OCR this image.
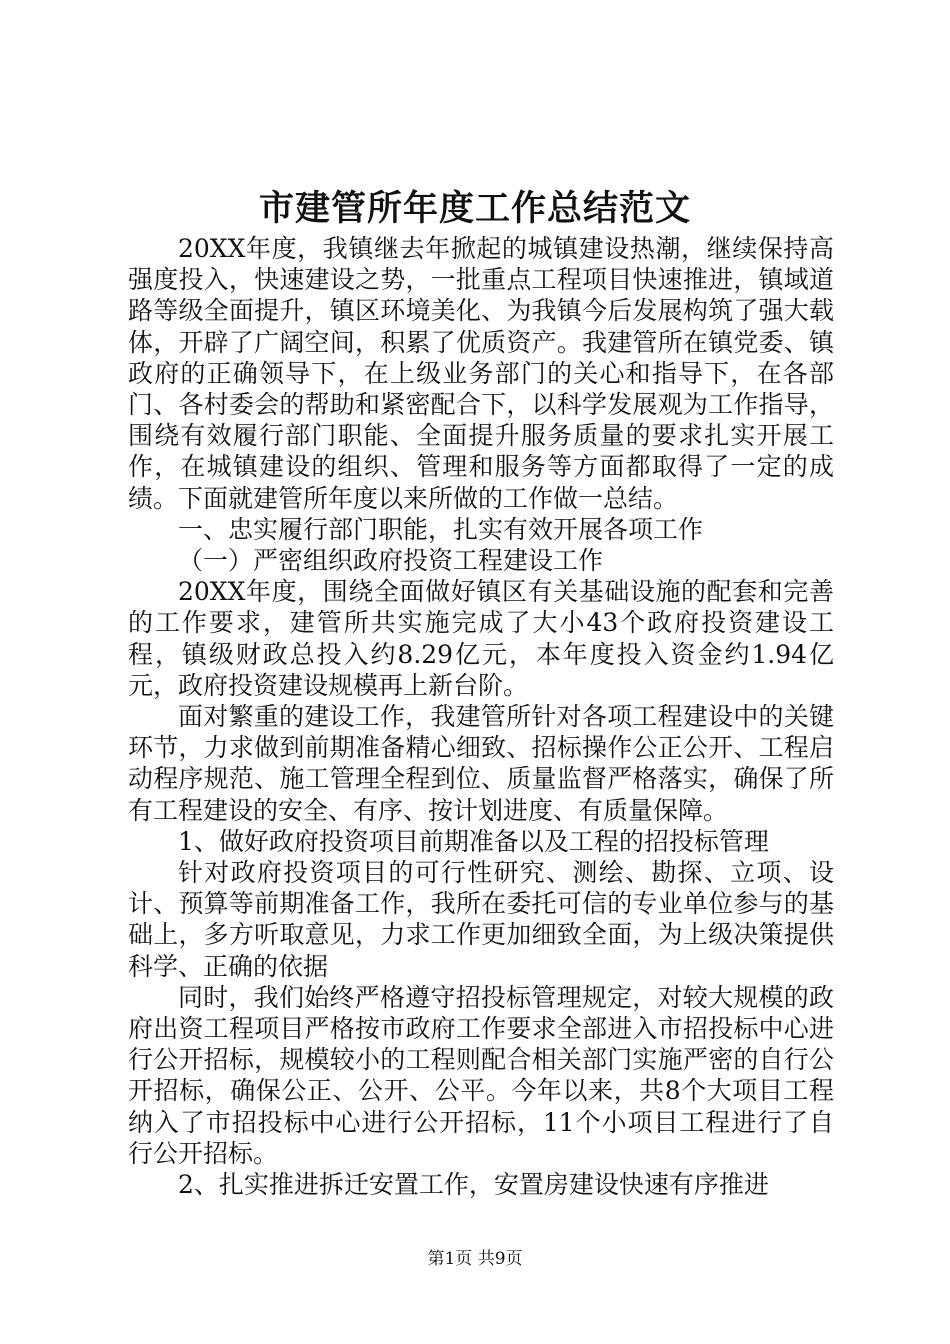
市建管所年度工作总结范文

20XX年度，我镇继去年掀起的城镇建设热潮，继续保持高强度投入，快速建设之势，一批重点工程项目快速推进，镇域道路等级全面提升，镇区环境美化、为我镇今后发展构筑了强大载体，开辟了广阔空间，积累了优质资产。我建管所在镇党委、镇政府的正确领导下，在上级业务部门的关心和指导下，在各部门、各村委会的帮助和紧密配合下，以科学发展观为工作指导，围绕有效履行部门职能、全面提升服务质量的要求扎实开展工作，在城镇建设的组织、管理和服务等方面都取得了一定的成绩。下面就建管所年度以来所做的工作做一总结。

一、忠实履行部门职能，扎实有效开展各项工作

（一）严密组织政府投资工程建设工作

20XX年度，围绕全面做好镇区有关基础设施的配套和完善的工作要求，建管所共实施完成了大小43个政府投资建设工程，镇级财政总投入约8.29亿元，本年度投入资金约1.94亿元，政府投资建设规模再上新台阶。

面对繁重的建设工作，我建管所针对各项工程建设中的关键环节，力求做到前期准备精心细致、招标操作公正公开、工程启动程序规范、施工管理全程到位、质量监督严格落实，确保了所有工程建设的安全、有序、按计划进度、有质量保障。

1、做好政府投资项目前期准备以及工程的招投标管理

针对政府投资项目的可行性研究、测绘、勘探、立项、设计、预算等前期准备工作，我所在委托可信的专业单位参与的基础上，多方听取意见，力求工作更加细致全面，为上级决策提供科学、正确的依据

同时，我们始终严格遵守招投标管理规定，对较大规模的政府出资工程项目严格按市政府工作要求全部进入市招投标中心进行公开招标，规模较小的工程则配合相关部门实施严密的自行公开招标，确保公正、公开、公平。今年以来，共8个大项目工程纳入了市招投标中心进行公开招标，11个小项目工程进行了自行公开招标。

2、扎实推进拆迁安置工作，安置房建设快速有序推进

第1页 共9页
